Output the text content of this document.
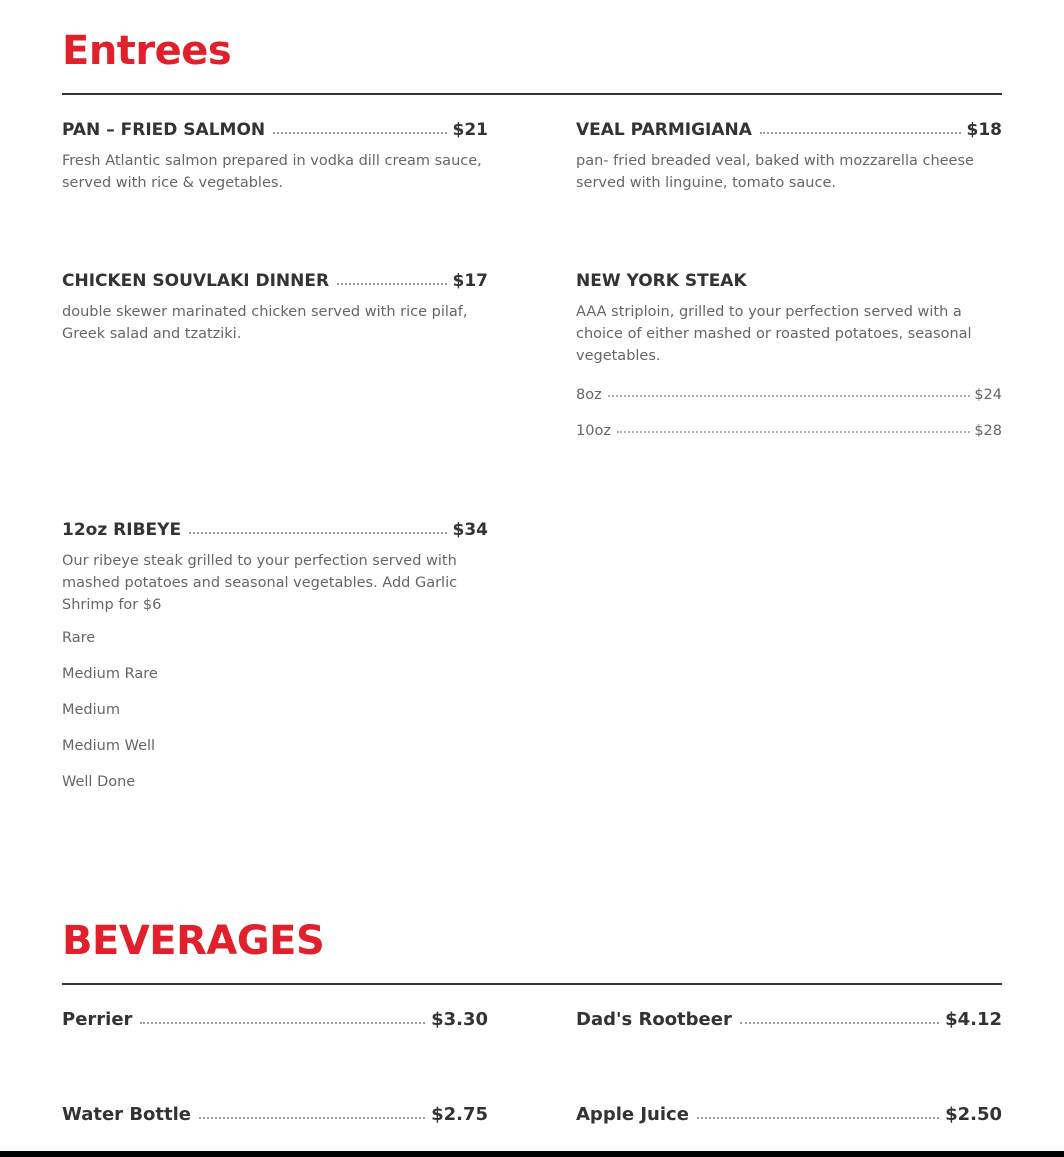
Entrees
PAN – FRIED SALMON	$21

Fresh Atlantic salmon prepared in vodka dill cream sauce, served with rice & vegetables.

VEAL PARMIGIANA	$18

pan- fried breaded veal, baked with mozzarella cheese served with linguine, tomato sauce.

CHICKEN SOUVLAKI DINNER	$17

double skewer marinated chicken served with rice pilaf, Greek salad and tzatziki.

NEW YORK STEAK

AAA striploin, grilled to your perfection served with a choice of either mashed or roasted potatoes, seasonal vegetables.

8oz	$24
10oz	$28
12oz RIBEYE	$34

Our ribeye steak grilled to your perfection served with mashed potatoes and seasonal vegetables. Add Garlic Shrimp for $6

Rare
Medium Rare
Medium
Medium Well
Well Done
BEVERAGES
Perrier	$3.30	Dad's Rootbeer	$4.12
Water Bottle	$2.75	Apple Juice	$2.50
